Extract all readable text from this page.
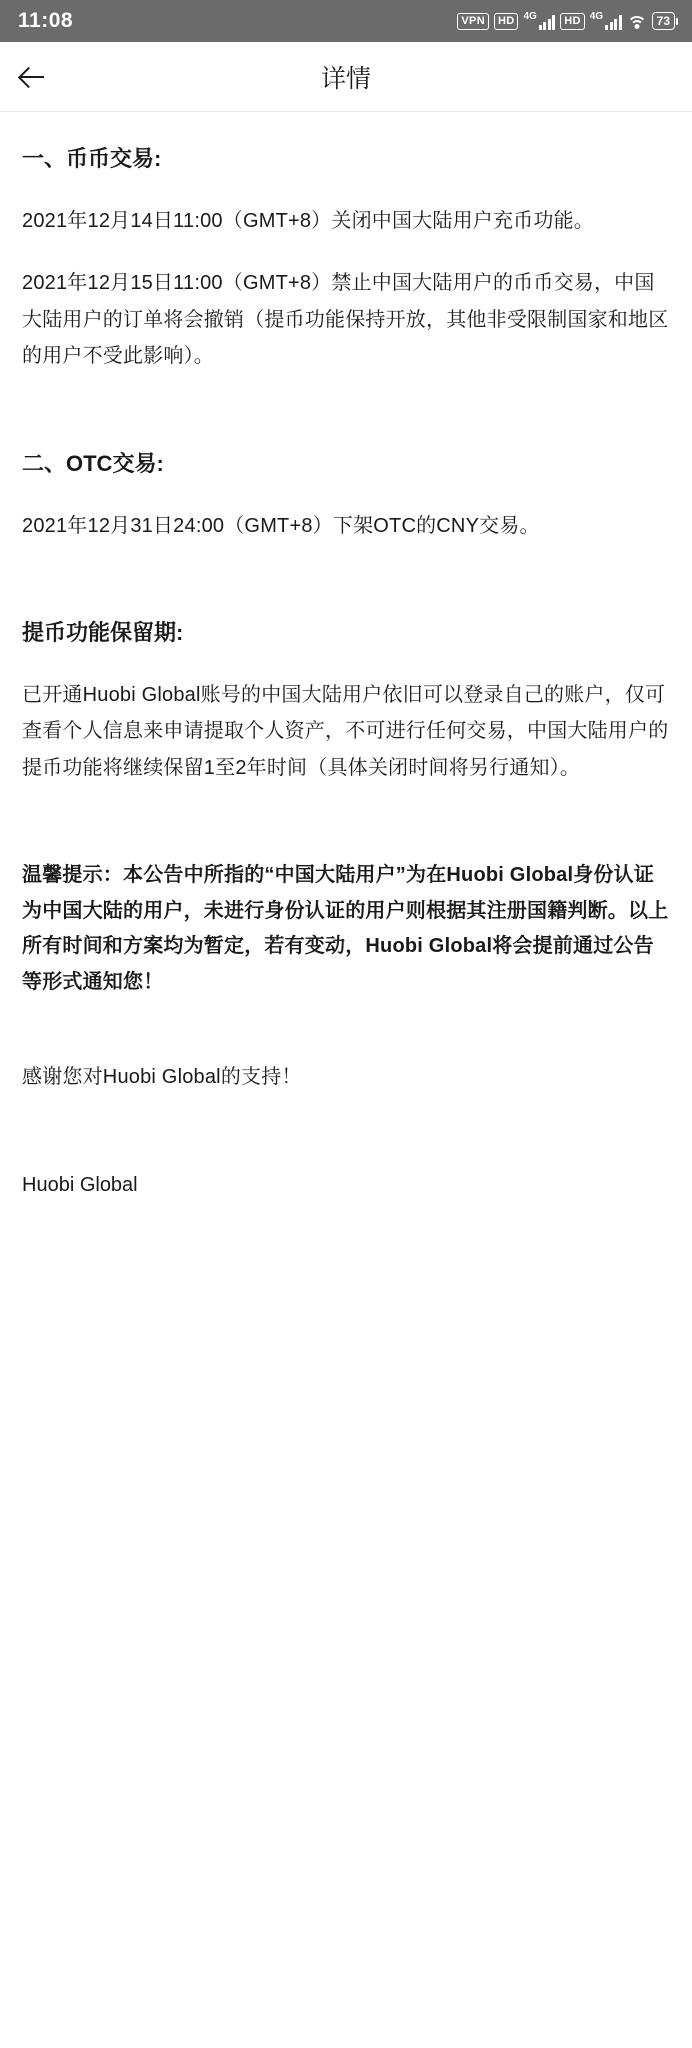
11:08	VPN	HD 4G	HD 4G	73
详情
一、币币交易:

2021年12月14日11:00（GMT+8）关闭中国大陆用户充币功能。

2021年12月15日11:00（GMT+8）禁止中国大陆用户的币币交易，中国大陆用户的订单将会撤销（提币功能保持开放，其他非受限制国家和地区的用户不受此影响）。

二、OTC交易:

2021年12月31日24:00（GMT+8）下架OTC的CNY交易。

提币功能保留期:

已开通Huobi Global账号的中国大陆用户依旧可以登录自己的账户，仅可查看个人信息来申请提取个人资产，不可进行任何交易，中国大陆用户的提币功能将继续保留1至2年时间（具体关闭时间将另行通知）。

温馨提示：本公告中所指的“中国大陆用户”为在Huobi Global身份认证为中国大陆的用户，未进行身份认证的用户则根据其注册国籍判断。以上所有时间和方案均为暂定，若有变动，Huobi Global将会提前通过公告等形式通知您！

感谢您对Huobi Global的支持！

Huobi Global
